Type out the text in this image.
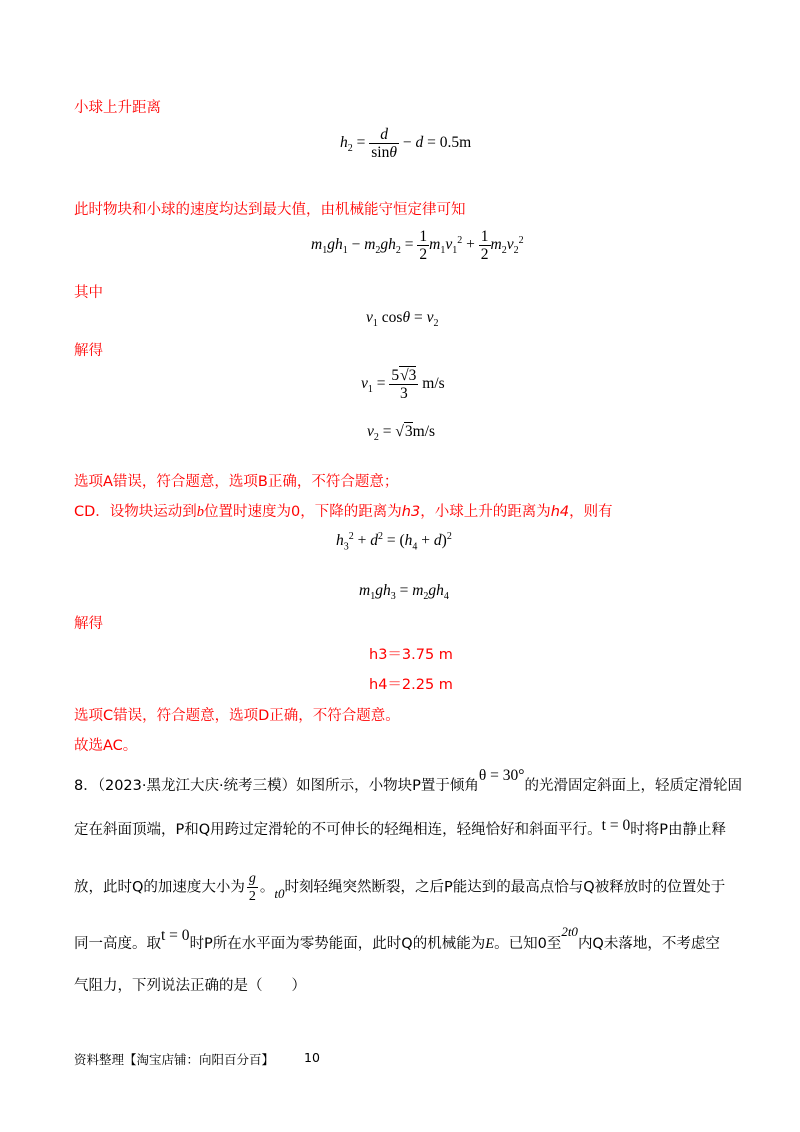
小球上升距离
$h_2 = \frac{d}{\sin\theta} - d = 0.5m$
此时物块和小球的速度均达到最大值，由机械能守恒定律可知
$m_1gh_1 - m_2gh_2 = \frac{1}{2} m_1v_1^2 + \frac{1}{2} m_2v_2^2$
其中
$v_1$ $\cos\theta = v_2$
解得
$v_1 = \frac{5√3}{3} m/s$
$v_2 = √3m/s$
选项A错误，符合题意，选项B正确，不符合题意；
CD．设物块运动到b位置时速度为0，下降的距离为h3，小球上升的距离为h4，则有
$h_3^2 + d^2 = (h_4 + d)^2$
$m_1gh_3 = m_2gh_4$
解得
h3＝3.75 m
h4＝2.25 m
选项C错误，符合题意，选项D正确，不符合题意。
故选AC。
8．（2023·黑龙江大庆·统考三模）如图所示，小物块P置于倾角θ = 30°的光滑固定斜面上，轻质定滑轮固
定在斜面顶端，P和Q用跨过定滑轮的不可伸长的轻绳相连，轻绳恰好和斜面平行。t = 0时将P由静止释
放，此时Q的加速度大小为 $\frac{g}{2}$ 。t0时刻轻绳突然断裂，之后P能达到的最高点恰与Q被释放时的位置处于
同一高度。取t = 0时P所在水平面为零势能面，此时Q的机械能为E。已知0至2t0内Q未落地，不考虑空
气阻力，下列说法正确的是（　　）
资料整理【淘宝店铺：向阳百分百】 10
